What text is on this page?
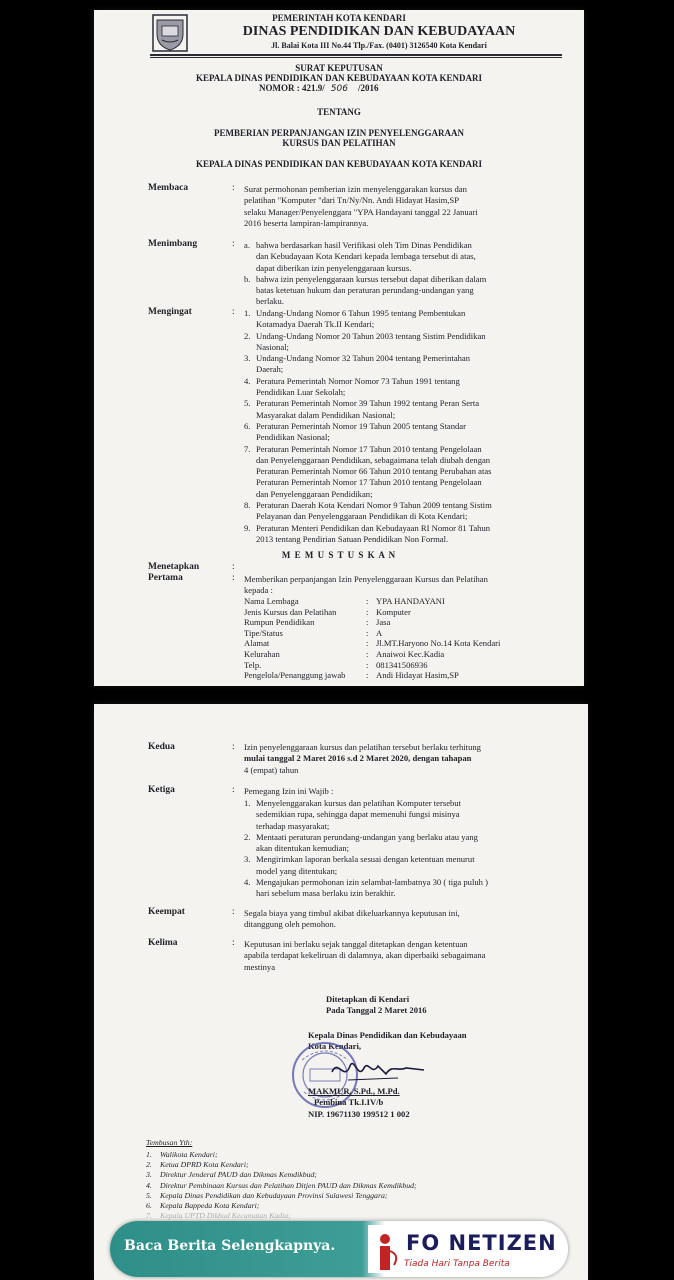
PEMERINTAH KOTA KENDARI
DINAS PENDIDIKAN DAN KEBUDAYAAN
Jl. Balai Kota III No.44 Tlp./Fax. (0401) 3126540 Kota Kendari
SURAT KEPUTUSAN
KEPALA DINAS PENDIDIKAN DAN KEBUDAYAAN KOTA KENDARI
NOMOR : 421.9/ 506 /2016
TENTANG
PEMBERIAN PERPANJANGAN IZIN PENYELENGGARAAN
KURSUS DAN PELATIHAN
KEPALA DINAS PENDIDIKAN DAN KEBUDAYAAN KOTA KENDARI
Membaca	: Surat permohonan pemberian izin menyelenggarakan kursus dan
pelatihan "Komputer "dari Tn/Ny/Nn. Andi Hidayat Hasim,SP
selaku Manager/Penyelenggara "YPA Handayani tanggal 22 Januari
2016 beserta lampiran-lampirannya.
Menimbang	: a. bahwa berdasarkan hasil Verifikasi oleh Tim Dinas Pendidikan
dan Kebudayaan Kota Kendari kepada lembaga tersebut di atas,
dapat diberikan izin penyelenggaraan kursus.
b. bahwa izin penyelenggaraan kursus tersebut dapat diberikan dalam
batas ketetuan hukum dan peraturan perundang-undangan yang
berlaku.
Mengingat	: 1. Undang-Undang Nomor 6 Tahun 1995 tentang Pembentukan
Kotamadya Daerah Tk.II Kendari;
2. Undang-Undang Nomor 20 Tahun 2003 tentang Sistim Pendidikan
Nasional;
3. Undang-Undang Nomor 32 Tahun 2004 tentang Pemerintahan
Daerah;
4. Peratura Pemerintah Nomor Nomor 73 Tahun 1991 tentang
Pendidikan Luar Sekolah;
5. Peraturan Pemerintah Nomor 39 Tahun 1992 tentang Peran Serta
Masyarakat dalam Pendidikan Nasional;
6. Peraturan Pemerintah Nomor 19 Tahun 2005 tentang Standar
Pendidikan Nasional;
7. Peraturan Pemerintah Nomor 17 Tahun 2010 tentang Pengelolaan
dan Penyelenggaraan Pendidikan, sebagaimana telah diubah dengan
Peraturan Pemerintah Nomor 66 Tahun 2010 tentang Perubahan atas
Peraturan Pemerintah Nomor 17 Tahun 2010 tentang Pengelolaan
dan Penyelenggaraan Pendidikan;
8. Peraturan Daerah Kota Kendari Nomor 9 Tahun 2009 tentang Sistim
Pelayanan dan Penyelenggaraan Pendidikan di Kota Kendari;
9. Peraturan Menteri Pendidikan dan Kebudayaan RI Nomor 81 Tahun
2013 tentang Pendirian Satuan Pendidikan Non Formal.
M E M U S T U S K A N
Menetapkan	:
Pertama	: Memberikan perpanjangan Izin Penyelenggaraan Kursus dan Pelatihan
kepada :
Nama Lembaga	: YPA HANDAYANI
Jenis Kursus dan Pelatihan	: Komputer
Rumpun Pendidikan	: Jasa
Tipe/Status	: A
Alamat	: Jl.MT.Haryono No.14 Kota Kendari
Kelurahan	: Anaiwoi Kec.Kadia
Telp.	: 081341506936
Pengelola/Penanggung jawab : Andi Hidayat Hasim,SP
Kedua	: Izin penyelenggaraan kursus dan pelatihan tersebut berlaku terhitung
mulai tanggal 2 Maret 2016 s.d 2 Maret 2020, dengan tahapan
4 (empat) tahun
Ketiga	: Pemegang Izin ini Wajib :
1. Menyelenggarakan kursus dan pelatihan Komputer tersebut
sedemikian rupa, sehingga dapat memenuhi fungsi misinya
terhadap masyarakat;
2. Mentaati peraturan perundang-undangan yang berlaku atau yang
akan ditentukan kemudian;
3. Mengirimkan laporan berkala sesuai dengan ketentuan menurut
model yang ditentukan;
4. Mengajukan permohonan izin selambat-lambatnya 30 ( tiga puluh )
hari sebelum masa berlaku izin berakhir.
Keempat	: Segala biaya yang timbul akibat dikeluarkannya keputusan ini,
ditanggung oleh pemohon.
Kelima	: Keputusan ini berlaku sejak tanggal ditetapkan dengan ketentuan
apabila terdapat kekeliruan di dalamnya, akan diperbaiki sebagaimana
mestinya
Ditetapkan di Kendari
Pada Tanggal 2 Maret 2016
Kepala Dinas Pendidikan dan Kebudayaan
Kota Kendari,
MAKMUR, S.Pd., M.Pd.
Pembina Tk.I.IV/b
NIP. 19671130 199512 1 002
Tembusan Yth:
1.	Walikota Kendari;
2.	Ketua DPRD Kota Kendari;
3.	Direktur Jenderal PAUD dan Dikmas Kemdikbud;
4.	Direktur Pembinaan Kursus dan Pelatihan Ditjen PAUD dan Dikmas Kemdikbud;
5.	Kepala Dinas Pendidikan dan Kebudayaan Provinsi Sulawesi Tenggara;
6.	Kepala Bappeda Kota Kendari;
7.	Kepala UPTD Dikbud Kecamatan Kadia;
Baca Berita Selengkapnya.	FO NETIZEN
Tiada Hari Tanpa Berita
